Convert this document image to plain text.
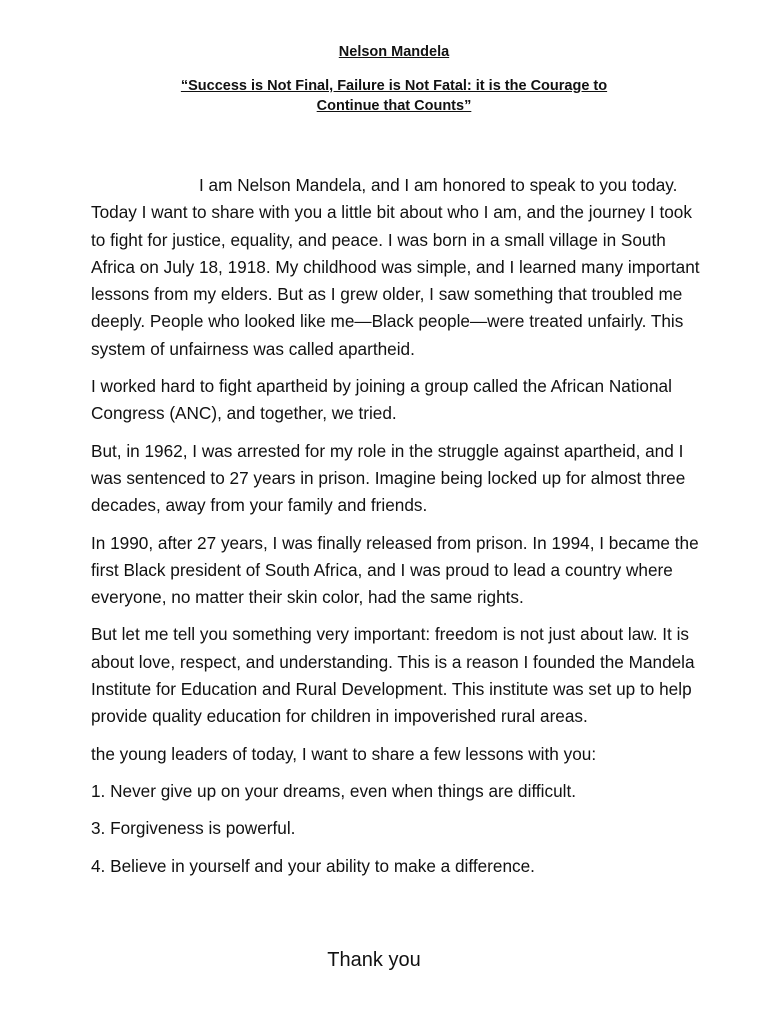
Nelson Mandela
“Success is Not Final, Failure is Not Fatal: it is the Courage to
Continue that Counts”

I am Nelson Mandela, and I am honored to speak to you today. Today I want to share with you a little bit about who I am, and the journey I took to fight for justice, equality, and peace. I was born in a small village in South Africa on July 18, 1918. My childhood was simple, and I learned many important lessons from my elders. But as I grew older, I saw something that troubled me deeply. People who looked like me—Black people—were treated unfairly. This system of unfairness was called apartheid.

I worked hard to fight apartheid by joining a group called the African National Congress (ANC), and together, we tried.

But, in 1962, I was arrested for my role in the struggle against apartheid, and I was sentenced to 27 years in prison. Imagine being locked up for almost three decades, away from your family and friends.

In 1990, after 27 years, I was finally released from prison. In 1994, I became the first Black president of South Africa, and I was proud to lead a country where everyone, no matter their skin color, had the same rights.

But let me tell you something very important: freedom is not just about law. It is about love, respect, and understanding. This is a reason I founded the Mandela Institute for Education and Rural Development. This institute was set up to help provide quality education for children in impoverished rural areas.

the young leaders of today, I want to share a few lessons with you:

1. Never give up on your dreams, even when things are difficult.

3. Forgiveness is powerful.

4. Believe in yourself and your ability to make a difference.

Thank you
